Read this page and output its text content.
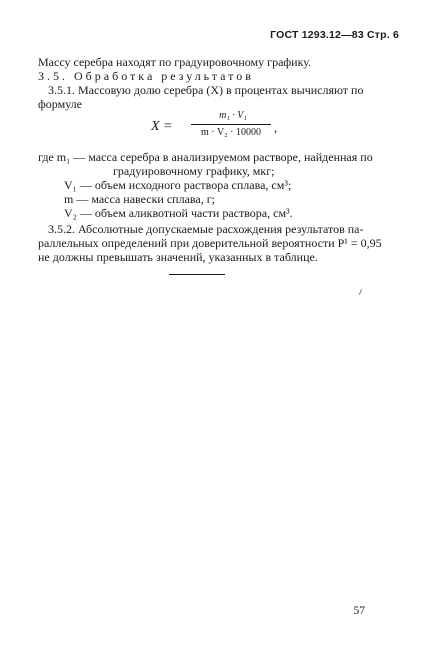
ГОСТ 1293.12—83 Стр. 6
Массу серебра находят по градуировочному графику.
3.5. Обработка результатов
3.5.1. Массовую долю серебра (X) в процентах вычисляют по
формуле
X =
m₁ · V₁
m · V₂ · 10000	,
где m₁ — масса серебра в анализируемом растворе, найденная по
градуировочному графику, мкг;
V₁ — объем исходного раствора сплава, см³;
m — масса навески сплава, г;
V₂ — объем аликвотной части раствора, см³.
3.5.2. Абсолютные допускаемые расхождения результатов па-
раллельных определений при доверительной вероятности P¹ = 0,95
не должны превышать значений, указанных в таблице.
57
